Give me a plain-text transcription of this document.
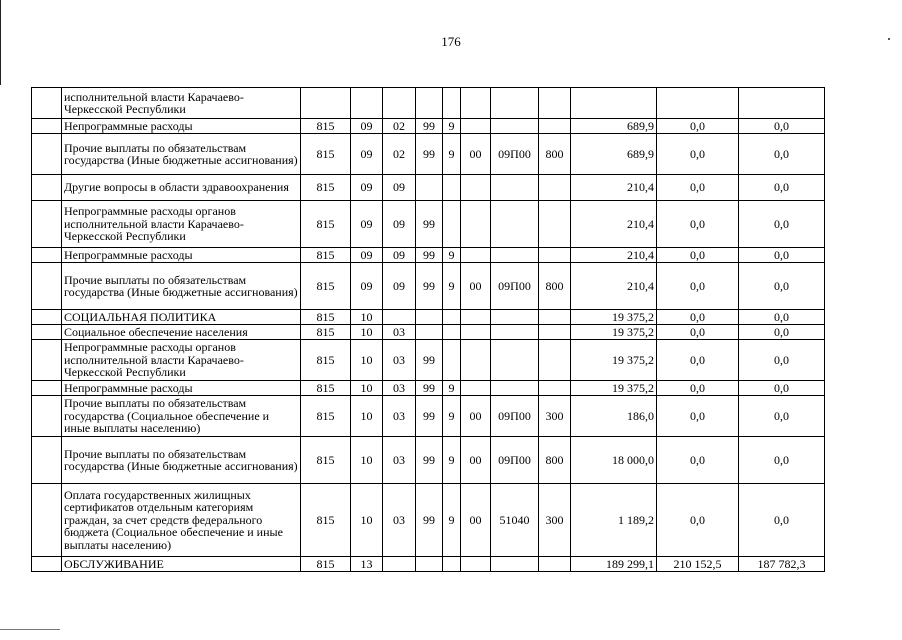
176
	исполнительной власти Карачаево-Черкесской Республики											
	Непрограммные расходы	815	09	02	99	9				689,9	0,0	0,0
	Прочие выплаты по обязательствам государства (Иные бюджетные ассигнования)	815	09	02	99	9	00	09П00	800	689,9	0,0	0,0
	Другие вопросы в области здравоохранения	815	09	09						210,4	0,0	0,0
	Непрограммные расходы органов исполнительной власти Карачаево-Черкесской Республики	815	09	09	99					210,4	0,0	0,0
	Непрограммные расходы	815	09	09	99	9				210,4	0,0	0,0
	Прочие выплаты по обязательствам государства (Иные бюджетные ассигнования)	815	09	09	99	9	00	09П00	800	210,4	0,0	0,0
	СОЦИАЛЬНАЯ ПОЛИТИКА	815	10							19 375,2	0,0	0,0
	Социальное обеспечение населения	815	10	03						19 375,2	0,0	0,0
	Непрограммные расходы органов исполнительной власти Карачаево-Черкесской Республики	815	10	03	99					19 375,2	0,0	0,0
	Непрограммные расходы	815	10	03	99	9				19 375,2	0,0	0,0
	Прочие выплаты по обязательствам государства (Социальное обеспечение и иные выплаты населению)	815	10	03	99	9	00	09П00	300	186,0	0,0	0,0
	Прочие выплаты по обязательствам государства (Иные бюджетные ассигнования)	815	10	03	99	9	00	09П00	800	18 000,0	0,0	0,0
	Оплата государственных жилищных сертификатов отдельным категориям граждан, за счет средств федерального бюджета (Социальное обеспечение и иные выплаты населению)	815	10	03	99	9	00	51040	300	1 189,2	0,0	0,0
	ОБСЛУЖИВАНИЕ	815	13							189 299,1	210 152,5	187 782,3
